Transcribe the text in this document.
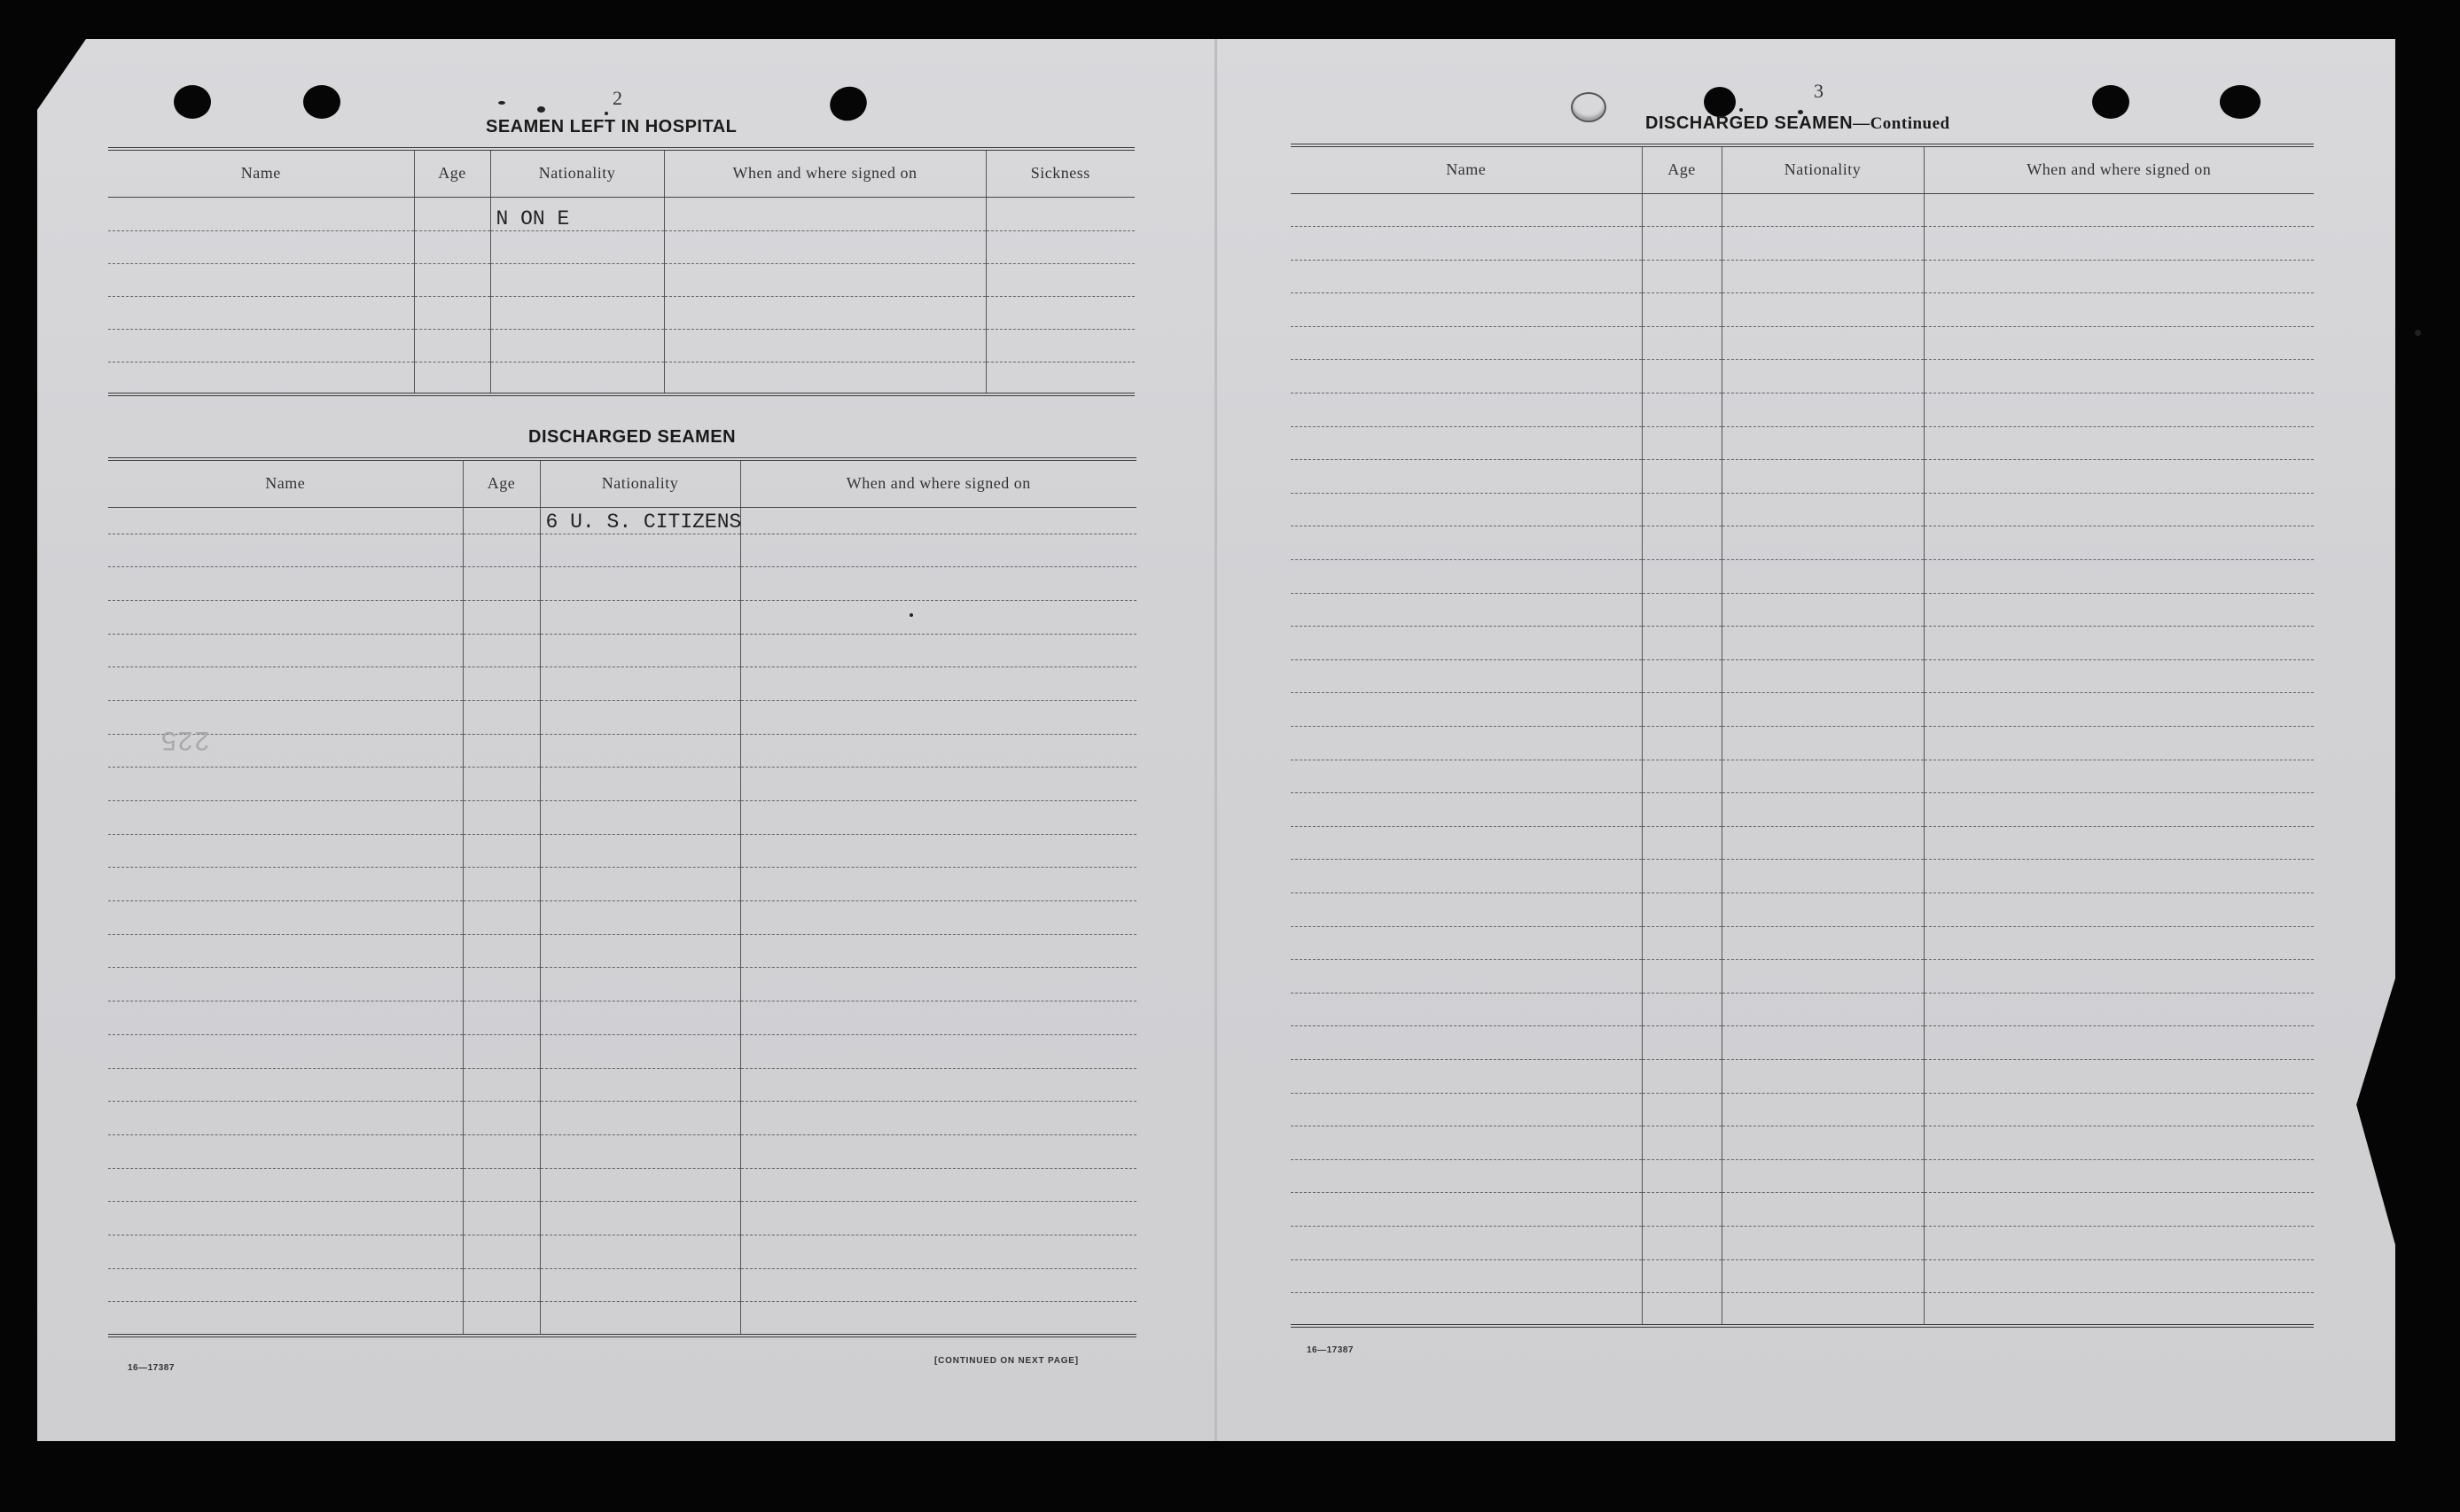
2
SEAMEN LEFT IN HOSPITAL
Name	Age	Nationality	When and where signed on	Sickness
		N ON E		

DISCHARGED SEAMEN
Name	Age	Nationality	When and where signed on
		6 U. S. CITIZENS	

225
16—17387
[CONTINUED ON NEXT PAGE]
3
DISCHARGED SEAMEN—Continued
Name	Age	Nationality	When and where signed on

16—17387
